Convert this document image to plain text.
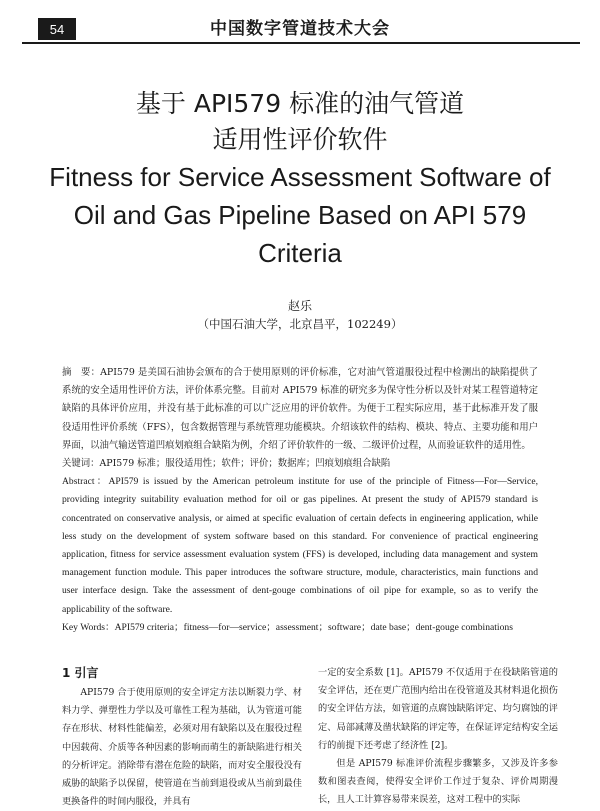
54	中国数字管道技术大会

基于 API579 标准的油气管道

适用性评价软件

Fitness for Service Assessment Software of Oil and Gas Pipeline Based on API 579 Criteria

赵乐
（中国石油大学，北京昌平，102249）

摘　要：API579 是美国石油协会颁布的合于使用原则的评价标准，它对油气管道服役过程中检测出的缺陷提供了系统的安全适用性评价方法，评价体系完整。目前对 API579 标准的研究多为保守性分析以及针对某工程管道特定缺陷的具体评价应用，并没有基于此标准的可以广泛应用的评价软件。为便于工程实际应用，基于此标准开发了服役适用性评价系统（FFS），包含数据管理与系统管理功能模块。介绍该软件的结构、模块、特点、主要功能和用户界面，以油气输送管道凹痕划痕组合缺陷为例，介绍了评价软件的一级、二级评价过程，从而验证软件的适用性。

关键词：API579 标准；服役适用性；软件；评价；数据库；凹痕划痕组合缺陷

Abstract：API579 is issued by the American petroleum institute for use of the principle of Fitness—For—Service, providing integrity suitability evaluation method for oil or gas pipelines. At present the study of API579 standard is concentrated on conservative analysis, or aimed at specific evaluation of certain defects in engineering application, while less study on the development of system software based on this standard. For convenience of practical engineering application, fitness for service assessment evaluation system (FFS) is developed, including data management and system management function module. This paper introduces the software structure, module, characteristics, main functions and user interface design. Take the assessment of dent-gouge combinations of oil pipe for example, so as to verify the applicability of the software.

Key Words：API579 criteria；fitness—for—service；assessment；software；date base；dent-gouge combinations

1 引言

API579 合于使用原则的安全评定方法以断裂力学、材料力学、弹塑性力学以及可靠性工程为基础，认为管道可能存在形状、材料性能偏差，必须对用有缺陷以及在服役过程中因载荷、介质等各种因素的影响而萌生的新缺陷进行相关的分析评定。消除带有潜在危险的缺陷，而对安全服役没有威胁的缺陷予以保留，使管道在当前到退役或从当前到最佳更换备件的时间内服役，并具有

一定的安全系数 [1]。API579 不仅适用于在役缺陷管道的安全评估，还在更广范围内给出在役管道及其材料退化损伤的安全评估方法，如管道的点腐蚀缺陷评定、均匀腐蚀的评定、局部减薄及凿状缺陷的评定等，在保证评定结构安全运行的前提下还考虑了经济性 [2]。

但是 API579 标准评价流程步骤繁多，又涉及许多参数和图表查阅，使得安全评价工作过于复杂、评价周期漫长，且人工计算容易带来误差，这对工程中的实际
